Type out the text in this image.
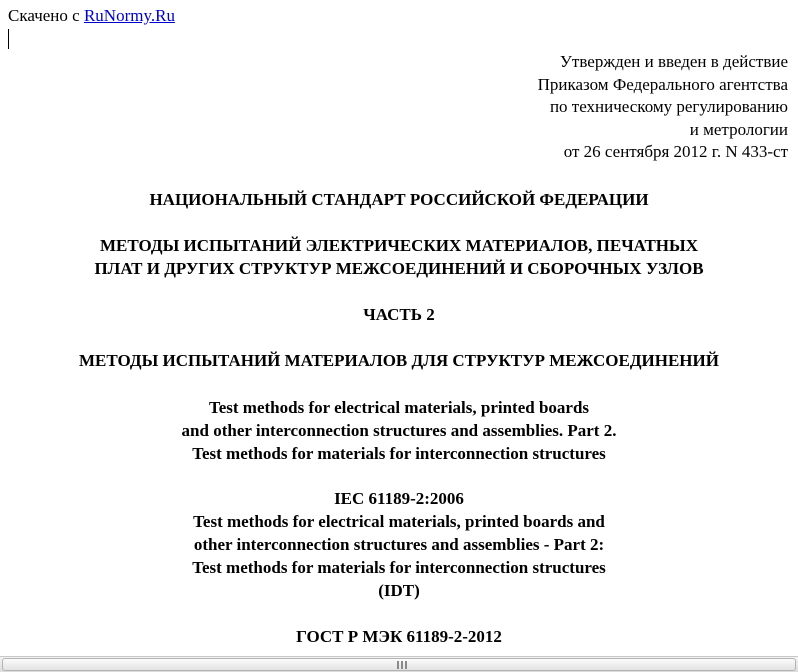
Скачено с RuNormy.Ru
Утвержден и введен в действие
Приказом Федерального агентства
по техническому регулированию
и метрологии
от 26 сентября 2012 г. N 433-ст
НАЦИОНАЛЬНЫЙ СТАНДАРТ РОССИЙСКОЙ ФЕДЕРАЦИИ
МЕТОДЫ ИСПЫТАНИЙ ЭЛЕКТРИЧЕСКИХ МАТЕРИАЛОВ, ПЕЧАТНЫХ
ПЛАТ И ДРУГИХ СТРУКТУР МЕЖСОЕДИНЕНИЙ И СБОРОЧНЫХ УЗЛОВ
ЧАСТЬ 2
МЕТОДЫ ИСПЫТАНИЙ МАТЕРИАЛОВ ДЛЯ СТРУКТУР МЕЖСОЕДИНЕНИЙ
Test methods for electrical materials, printed boards
and other interconnection structures and assemblies. Part 2.
Test methods for materials for interconnection structures
IEC 61189-2:2006
Test methods for electrical materials, printed boards and
other interconnection structures and assemblies - Part 2:
Test methods for materials for interconnection structures
(IDT)
ГОСТ Р МЭК 61189-2-2012
